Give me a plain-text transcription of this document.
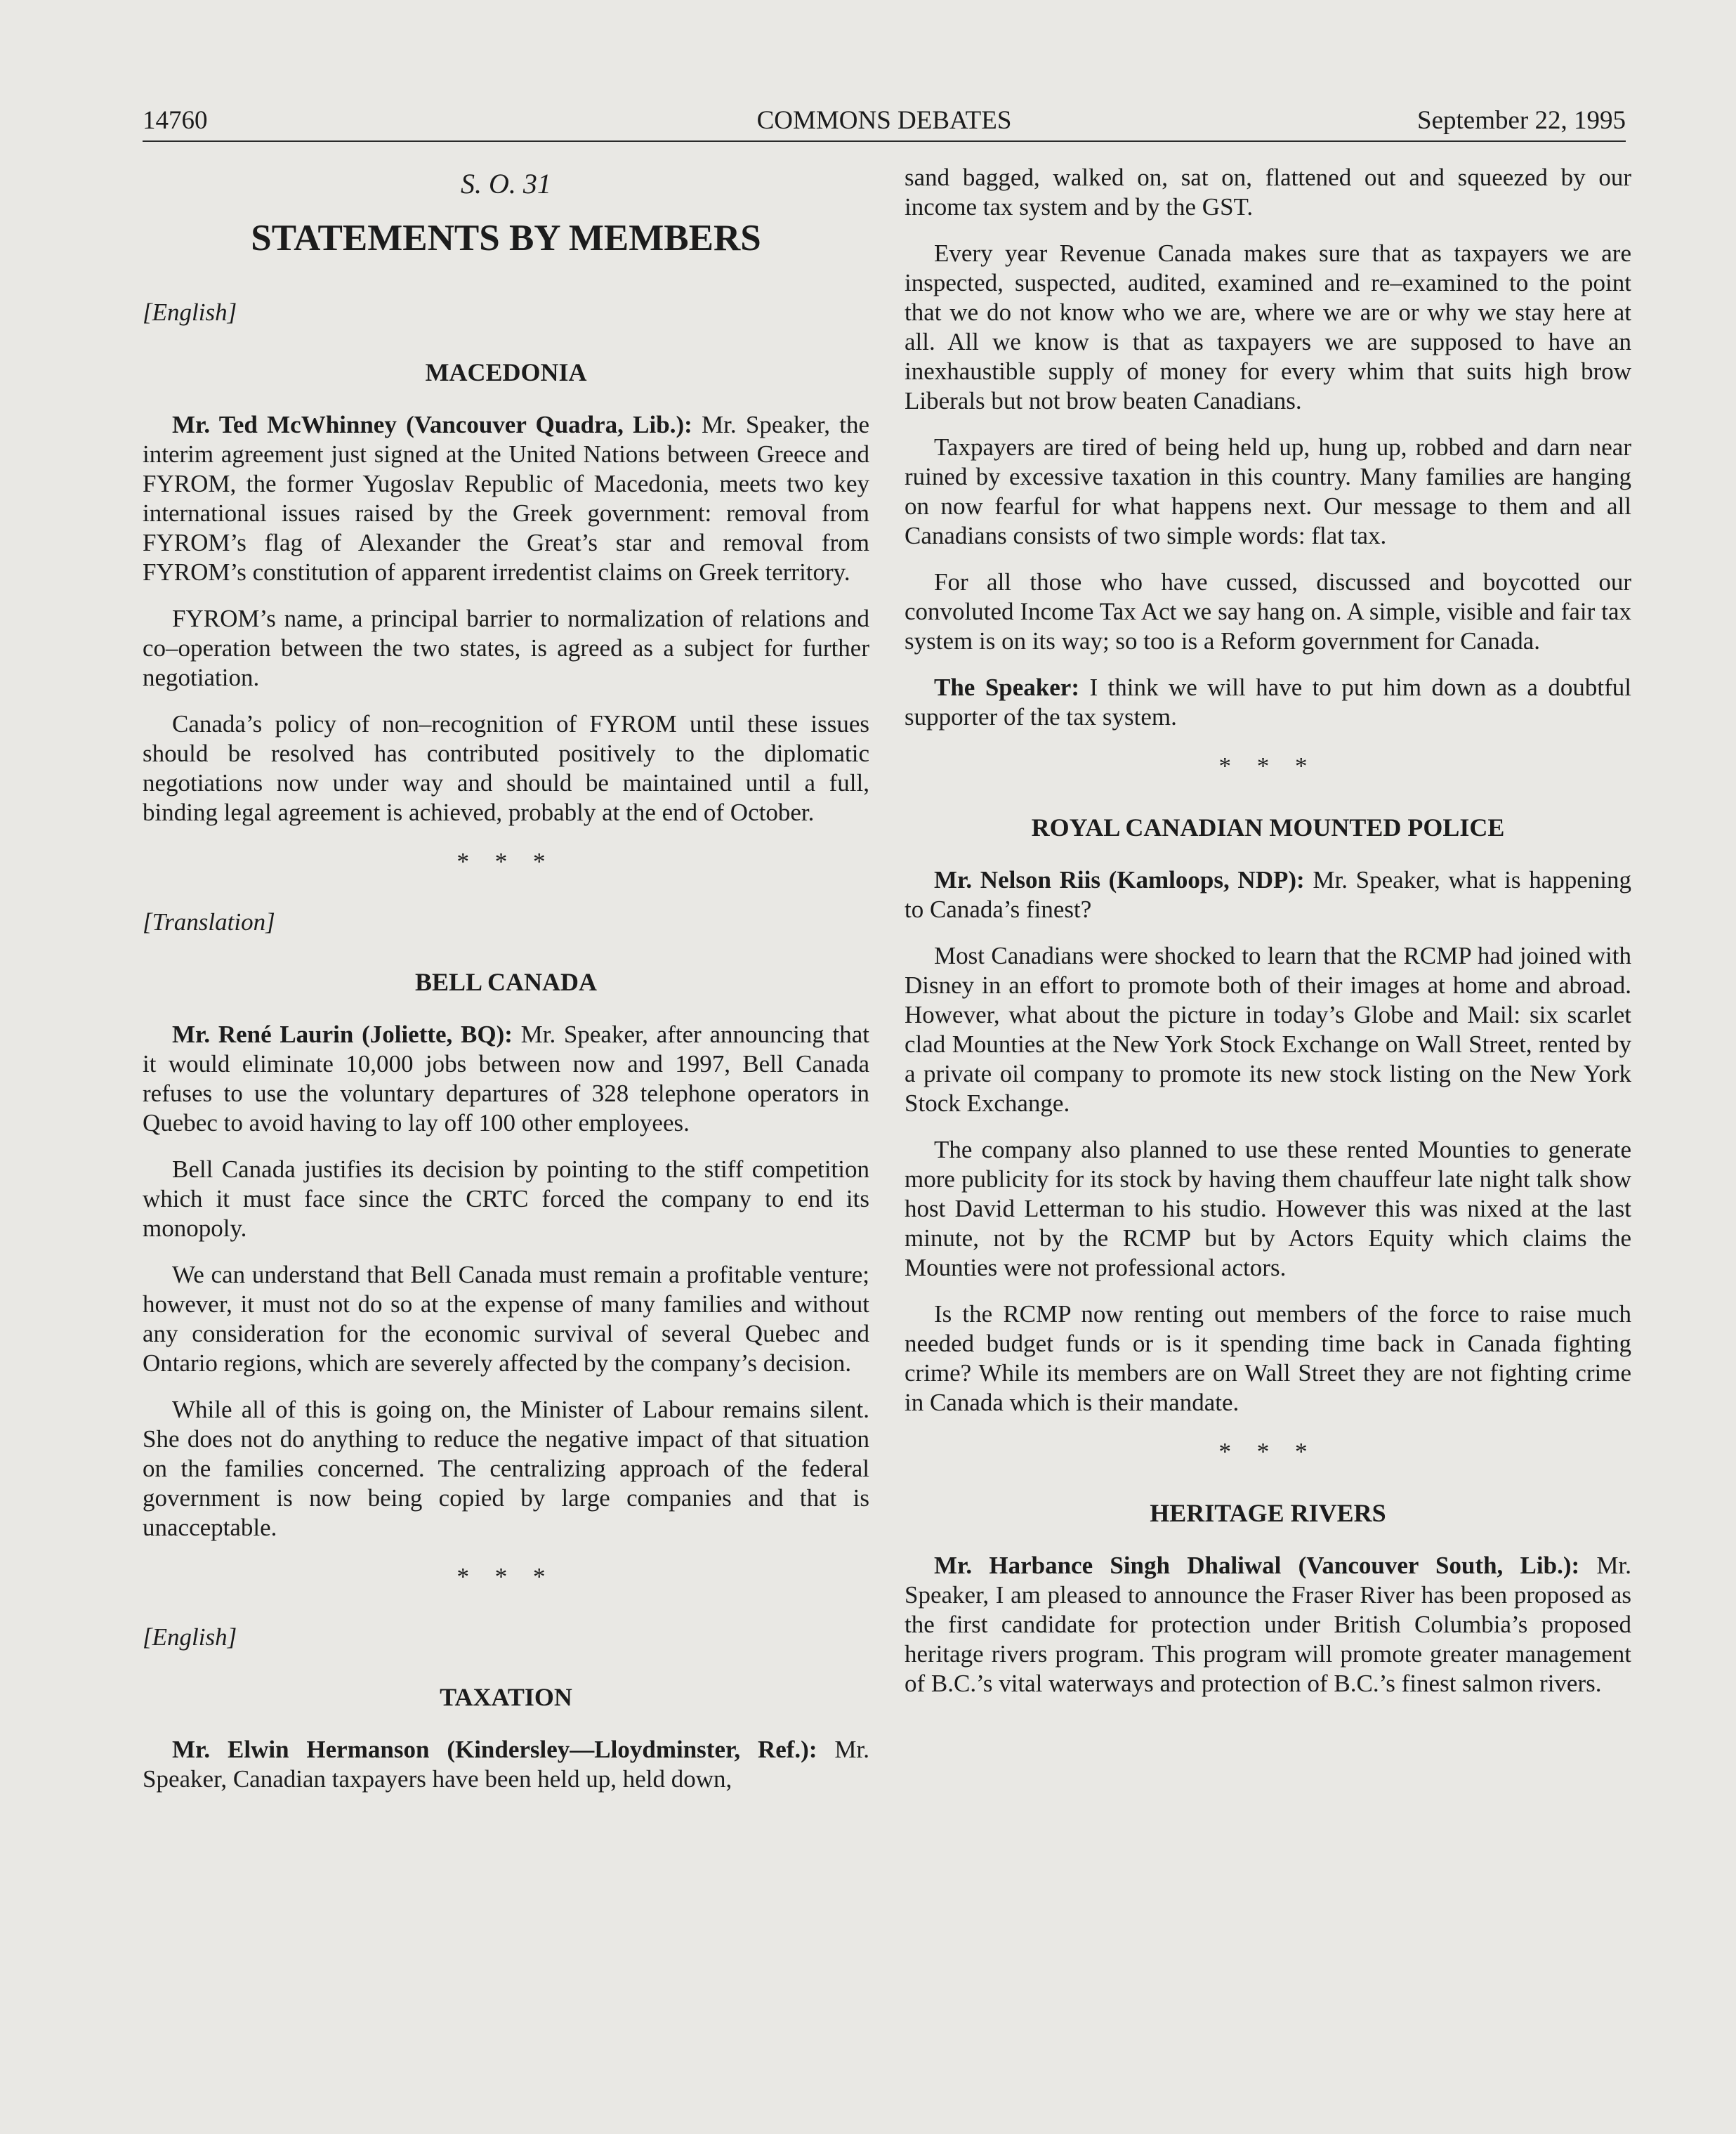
14760	COMMONS DEBATES	September 22, 1995
S. O. 31
STATEMENTS BY MEMBERS
[English]
MACEDONIA

Mr. Ted McWhinney (Vancouver Quadra, Lib.): Mr. Speaker, the interim agreement just signed at the United Nations between Greece and FYROM, the former Yugoslav Republic of Macedonia, meets two key international issues raised by the Greek government: removal from FYROM’s flag of Alexander the Great’s star and removal from FYROM’s constitution of apparent irredentist claims on Greek territory.

FYROM’s name, a principal barrier to normalization of relations and co–operation between the two states, is agreed as a subject for further negotiation.

Canada’s policy of non–recognition of FYROM until these issues should be resolved has contributed positively to the diplomatic negotiations now under way and should be maintained until a full, binding legal agreement is achieved, probably at the end of October.

* * *
[Translation]
BELL CANADA

Mr. René Laurin (Joliette, BQ): Mr. Speaker, after announcing that it would eliminate 10,000 jobs between now and 1997, Bell Canada refuses to use the voluntary departures of 328 telephone operators in Quebec to avoid having to lay off 100 other employees.

Bell Canada justifies its decision by pointing to the stiff competition which it must face since the CRTC forced the company to end its monopoly.

We can understand that Bell Canada must remain a profitable venture; however, it must not do so at the expense of many families and without any consideration for the economic survival of several Quebec and Ontario regions, which are severely affected by the company’s decision.

While all of this is going on, the Minister of Labour remains silent. She does not do anything to reduce the negative impact of that situation on the families concerned. The centralizing approach of the federal government is now being copied by large companies and that is unacceptable.

* * *
[English]
TAXATION

Mr. Elwin Hermanson (Kindersley—Lloydminster, Ref.): Mr. Speaker, Canadian taxpayers have been held up, held down,

sand bagged, walked on, sat on, flattened out and squeezed by our income tax system and by the GST.

Every year Revenue Canada makes sure that as taxpayers we are inspected, suspected, audited, examined and re–examined to the point that we do not know who we are, where we are or why we stay here at all. All we know is that as taxpayers we are supposed to have an inexhaustible supply of money for every whim that suits high brow Liberals but not brow beaten Canadians.

Taxpayers are tired of being held up, hung up, robbed and darn near ruined by excessive taxation in this country. Many families are hanging on now fearful for what happens next. Our message to them and all Canadians consists of two simple words: flat tax.

For all those who have cussed, discussed and boycotted our convoluted Income Tax Act we say hang on. A simple, visible and fair tax system is on its way; so too is a Reform government for Canada.

The Speaker: I think we will have to put him down as a doubtful supporter of the tax system.

* * *
ROYAL CANADIAN MOUNTED POLICE

Mr. Nelson Riis (Kamloops, NDP): Mr. Speaker, what is happening to Canada’s finest?

Most Canadians were shocked to learn that the RCMP had joined with Disney in an effort to promote both of their images at home and abroad. However, what about the picture in today’s Globe and Mail: six scarlet clad Mounties at the New York Stock Exchange on Wall Street, rented by a private oil company to promote its new stock listing on the New York Stock Exchange.

The company also planned to use these rented Mounties to generate more publicity for its stock by having them chauffeur late night talk show host David Letterman to his studio. However this was nixed at the last minute, not by the RCMP but by Actors Equity which claims the Mounties were not professional actors.

Is the RCMP now renting out members of the force to raise much needed budget funds or is it spending time back in Canada fighting crime? While its members are on Wall Street they are not fighting crime in Canada which is their mandate.

* * *
HERITAGE RIVERS

Mr. Harbance Singh Dhaliwal (Vancouver South, Lib.): Mr. Speaker, I am pleased to announce the Fraser River has been proposed as the first candidate for protection under British Columbia’s proposed heritage rivers program. This program will promote greater management of B.C.’s vital waterways and protection of B.C.’s finest salmon rivers.
